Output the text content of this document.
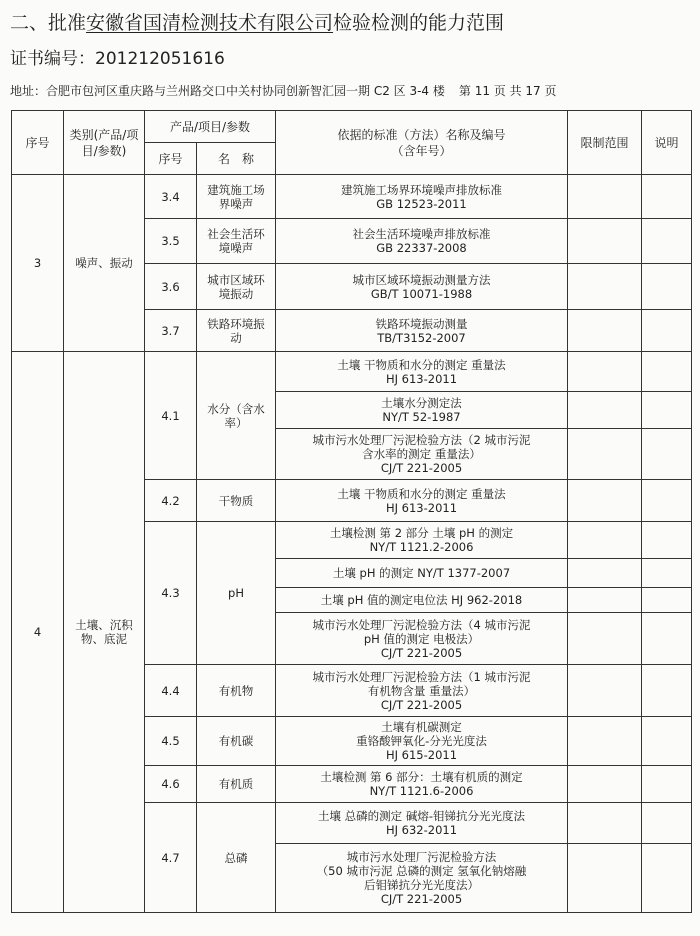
二、批准安徽省国清检测技术有限公司检验检测的能力范围
证书编号：201212051616
地址：合肥市包河区重庆路与兰州路交口中关村协同创新智汇园一期 C2 区 3-4 楼 第 11 页 共 17 页
序号	类别(产品/项目/参数)	产品/项目/参数		依据的标准（方法）名称及编号（含年号）	限制范围	说明
		序号	名　称			
3	噪声、振动	3.4	建筑施工场界噪声	建筑施工场界环境噪声排放标准
GB 12523-2011		

		3.5	社会生活环境噪声	社会生活环境噪声排放标准
GB 22337-2008		

		3.6	城市区域环境振动	城市区域环境振动测量方法
GB/T 10071-1988		

		3.7	铁路环境振动	铁路环境振动测量
TB/T3152-2007		

4	土壤、沉积物、底泥	4.1	水分（含水率）	土壤 干物质和水分的测定 重量法
HJ 613-2011		

				土壤水分测定法
NY/T 52-1987		

				城市污水处理厂污泥检验方法（2 城市污泥
含水率的测定 重量法）
CJ/T 221-2005		

		4.2	干物质	土壤 干物质和水分的测定 重量法
HJ 613-2011		

		4.3	pH	土壤检测 第 2 部分 土壤 pH 的测定
NY/T 1121.2-2006		

				土壤 pH 的测定 NY/T 1377-2007		

				土壤 pH 值的测定电位法 HJ 962-2018		

				城市污水处理厂污泥检验方法（4 城市污泥
pH 值的测定 电极法）
CJ/T 221-2005		

		4.4	有机物	城市污水处理厂污泥检验方法（1 城市污泥
有机物含量 重量法）
CJ/T 221-2005		

		4.5	有机碳	土壤有机碳测定
重铬酸钾氧化-分光光度法
HJ 615-2011		

		4.6	有机质	土壤检测 第 6 部分：土壤有机质的测定
NY/T 1121.6-2006		

		4.7	总磷	土壤 总磷的测定 碱熔-钼锑抗分光光度法
HJ 632-2011		

				城市污水处理厂污泥检验方法
（50 城市污泥 总磷的测定 氢氧化钠熔融
后钼锑抗分光光度法）
CJ/T 221-2005		
